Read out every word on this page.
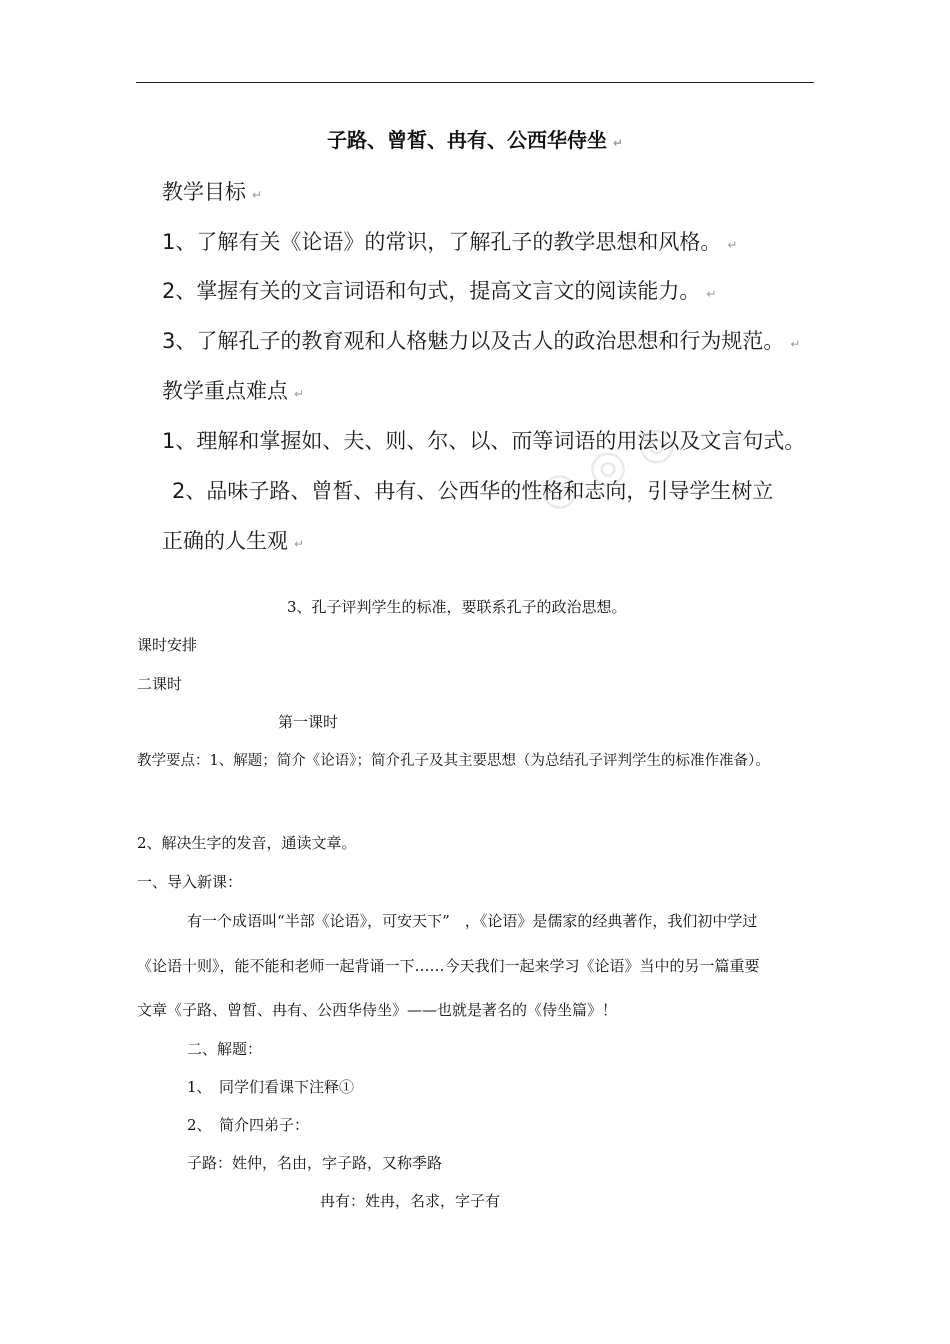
◎ ◎ ◎
子路、曾皙、冉有、公西华侍坐 ↵
教学目标 ↵
1、了解有关《论语》的常识，了解孔子的教学思想和风格。 ↵
2、掌握有关的文言词语和句式，提高文言文的阅读能力。 ↵
3、了解孔子的教育观和人格魅力以及古人的政治思想和行为规范。 ↵
教学重点难点 ↵
1、理解和掌握如、夫、则、尔、以、而等词语的用法以及文言句式。
2、品味子路、曾皙、冉有、公西华的性格和志向，引导学生树立
正确的人生观 ↵
3、孔子评判学生的标准，要联系孔子的政治思想。
课时安排
二课时
第一课时
教学要点：1、解题；简介《论语》；简介孔子及其主要思想（为总结孔子评判学生的标准作准备）。
2、解决生字的发音，通读文章。
一、导入新课：
有一个成语叫“半部《论语》，可安天下”　，《论语》是儒家的经典著作，我们初中学过
《论语十则》，能不能和老师一起背诵一下……今天我们一起来学习《论语》当中的另一篇重要
文章《子路、曾皙、冉有、公西华侍坐》——也就是著名的《侍坐篇》！
二、解题：
1、　同学们看课下注释①
2、　简介四弟子：
子路：姓仲，名由，字子路，又称季路
冉有：姓冉，名求，字子有
